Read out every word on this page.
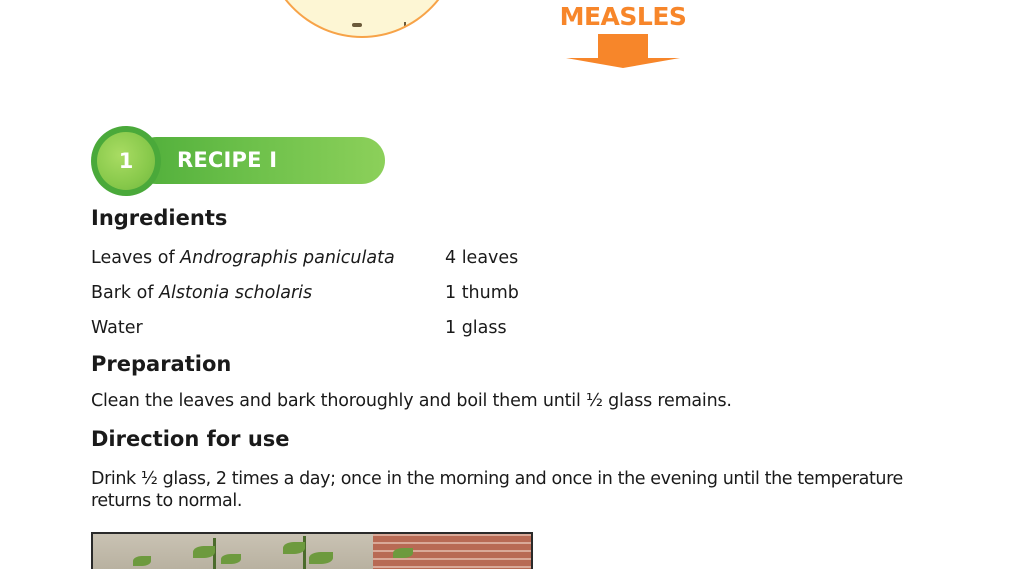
MEASLES
1	RECIPE I
Ingredients
Leaves of Andrographis paniculata	4 leaves
Bark of Alstonia scholaris	1 thumb
Water	1 glass
Preparation
Clean the leaves and bark thoroughly and boil them until ½ glass remains.
Direction for use
Drink ½ glass, 2 times a day; once in the morning and once in the evening until the temperature returns to normal.
